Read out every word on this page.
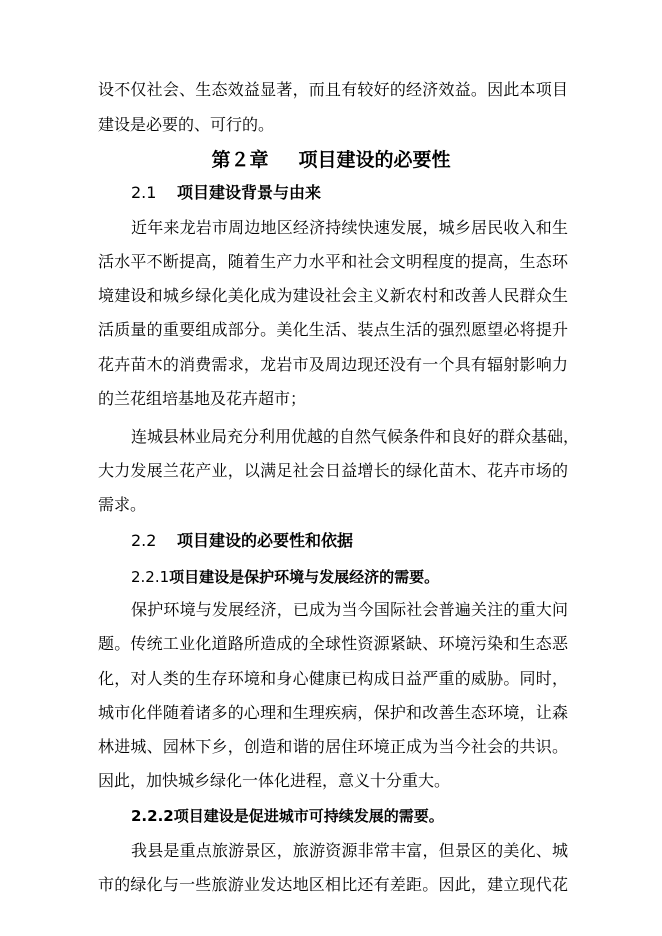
设不仅社会、生态效益显著，而且有较好的经济效益。因此本项目
建设是必要的、可行的。
第２章 项目建设的必要性
2.1 项目建设背景与由来
近年来龙岩市周边地区经济持续快速发展，城乡居民收入和生
活水平不断提高，随着生产力水平和社会文明程度的提高，生态环
境建设和城乡绿化美化成为建设社会主义新农村和改善人民群众生
活质量的重要组成部分。美化生活、装点生活的强烈愿望必将提升
花卉苗木的消费需求，龙岩市及周边现还没有一个具有辐射影响力
的兰花组培基地及花卉超市；
连城县林业局充分利用优越的自然气候条件和良好的群众基础，
大力发展兰花产业，以满足社会日益增长的绿化苗木、花卉市场的
需求。
2.2 项目建设的必要性和依据
2.2.1项目建设是保护环境与发展经济的需要。
保护环境与发展经济，已成为当今国际社会普遍关注的重大问
题。传统工业化道路所造成的全球性资源紧缺、环境污染和生态恶
化，对人类的生存环境和身心健康已构成日益严重的威胁。同时，
城市化伴随着诸多的心理和生理疾病，保护和改善生态环境，让森
林进城、园林下乡，创造和谐的居住环境正成为当今社会的共识。
因此，加快城乡绿化一体化进程，意义十分重大。
2.2.2项目建设是促进城市可持续发展的需要。
我县是重点旅游景区，旅游资源非常丰富，但景区的美化、城
市的绿化与一些旅游业发达地区相比还有差距。因此，建立现代花
